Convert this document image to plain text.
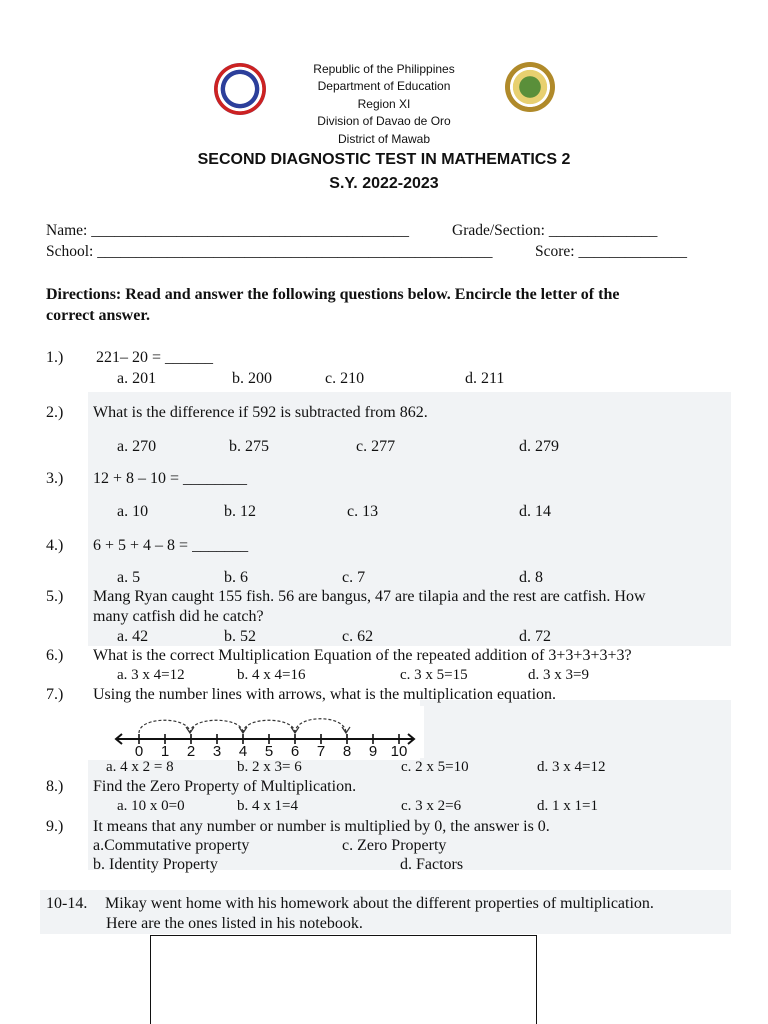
Republic of the Philippines
Department of Education
Region XI
Division of Davao de Oro
District of Mawab
SECOND DIAGNOSTIC TEST IN MATHEMATICS 2
S.Y. 2022-2023
Name: _________________________________________	Grade/Section: ______________
School: ___________________________________________________	Score: ______________
Directions: Read and answer the following questions below. Encircle the letter of the
correct answer.
1.) 221– 20 = ______
a. 201	b. 200	c. 210	d. 211
2.) What is the difference if 592 is subtracted from 862.
a. 270	b. 275	c. 277	d. 279
3.) 12 + 8 – 10 = ________
a. 10	b. 12	c. 13	d. 14
4.) 6 + 5 + 4 – 8 = _______
a. 5	b. 6	c. 7	d. 8
5.) Mang Ryan caught 155 fish. 56 are bangus, 47 are tilapia and the rest are catfish. How
many catfish did he catch?
a. 42	b. 52	c. 62	d. 72
6.) What is the correct Multiplication Equation of the repeated addition of 3+3+3+3+3?
a. 3 x 4=12	b. 4 x 4=16	c. 3 x 5=15	d. 3 x 3=9
7.) Using the number lines with arrows, what is the multiplication equation.
0 1 2 3 4 5 6 7 8 9 10
a. 4 x 2 = 8	b. 2 x 3= 6	c. 2 x 5=10	d. 3 x 4=12
8.) Find the Zero Property of Multiplication.
a. 10 x 0=0	b. 4 x 1=4	c. 3 x 2=6	d. 1 x 1=1
9.) It means that any number or number is multiplied by 0, the answer is 0.
a.Commutative property	c. Zero Property
b. Identity Property	d. Factors
10-14. Mikay went home with his homework about the different properties of multiplication.
Here are the ones listed in his notebook.
